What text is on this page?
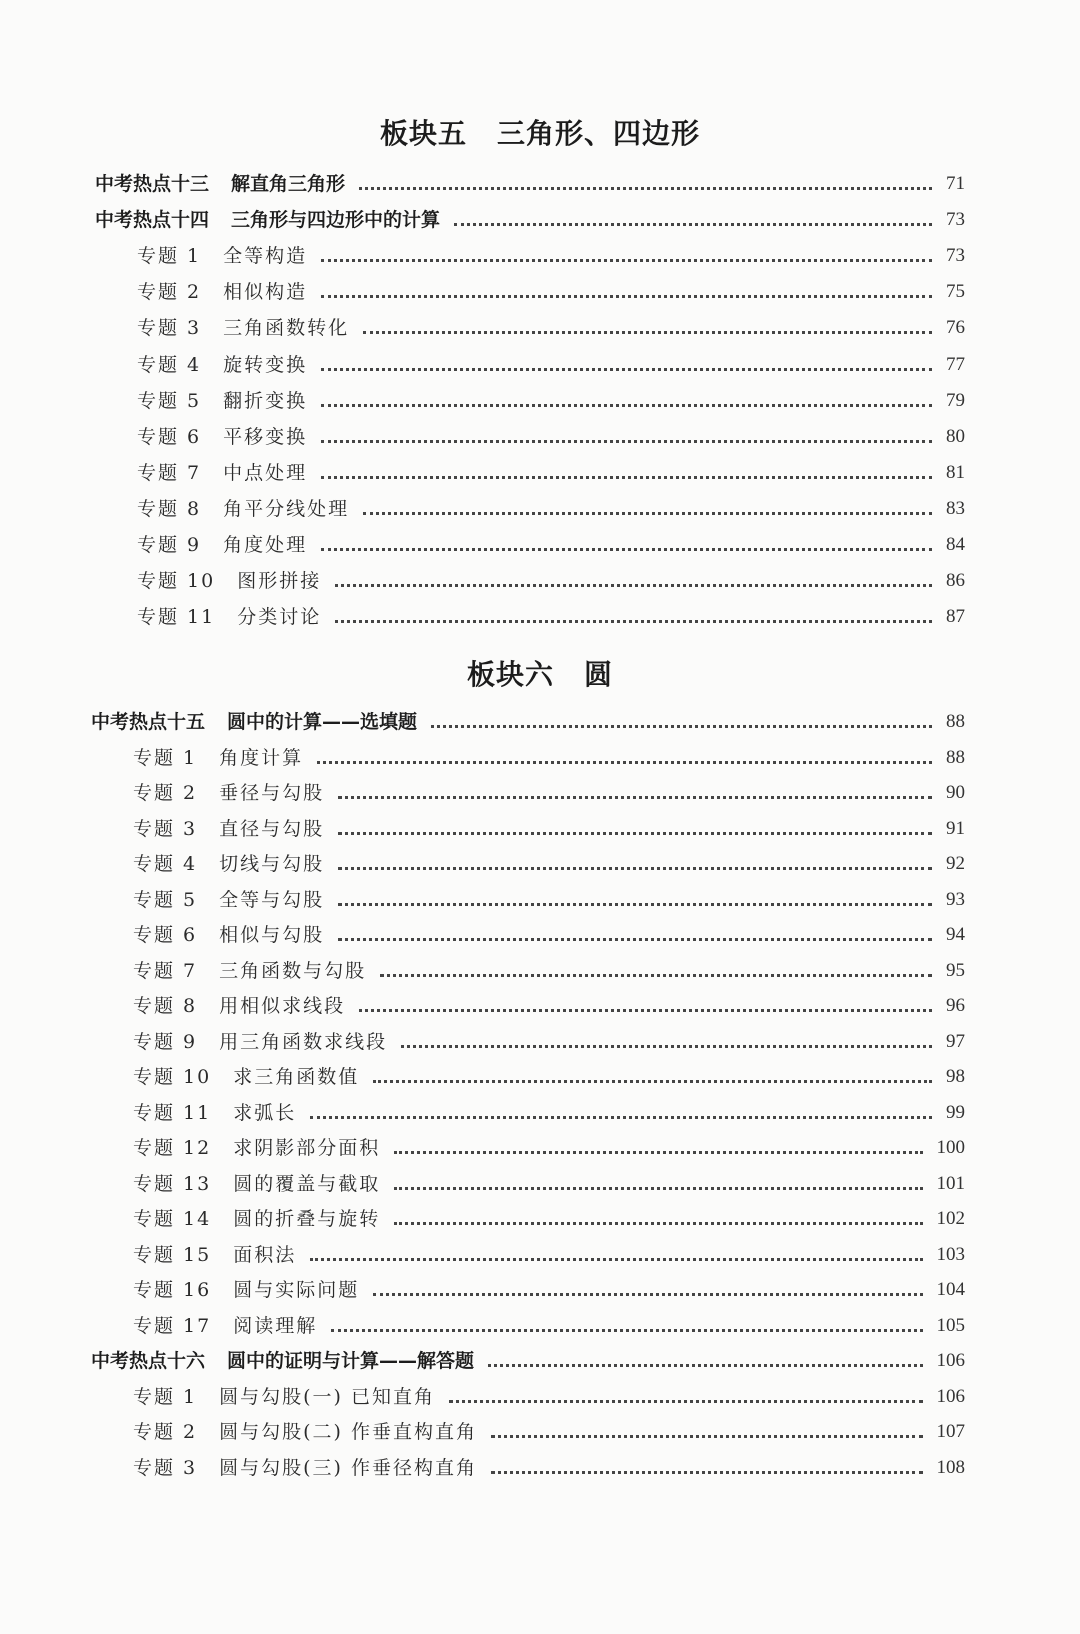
板块五 三角形、四边形
板块六 圆
中考热点十三 解直角三角形	71
中考热点十四 三角形与四边形中的计算	73
专题 1 全等构造	73
专题 2 相似构造	75
专题 3 三角函数转化	76
专题 4 旋转变换	77
专题 5 翻折变换	79
专题 6 平移变换	80
专题 7 中点处理	81
专题 8 角平分线处理	83
专题 9 角度处理	84
专题 10 图形拼接	86
专题 11 分类讨论	87
中考热点十五 圆中的计算——选填题	88
专题 1 角度计算	88
专题 2 垂径与勾股	90
专题 3 直径与勾股	91
专题 4 切线与勾股	92
专题 5 全等与勾股	93
专题 6 相似与勾股	94
专题 7 三角函数与勾股	95
专题 8 用相似求线段	96
专题 9 用三角函数求线段	97
专题 10 求三角函数值	98
专题 11 求弧长	99
专题 12 求阴影部分面积	100
专题 13 圆的覆盖与截取	101
专题 14 圆的折叠与旋转	102
专题 15 面积法	103
专题 16 圆与实际问题	104
专题 17 阅读理解	105
中考热点十六 圆中的证明与计算——解答题	106
专题 1 圆与勾股(一) 已知直角	106
专题 2 圆与勾股(二) 作垂直构直角	107
专题 3 圆与勾股(三) 作垂径构直角	108
